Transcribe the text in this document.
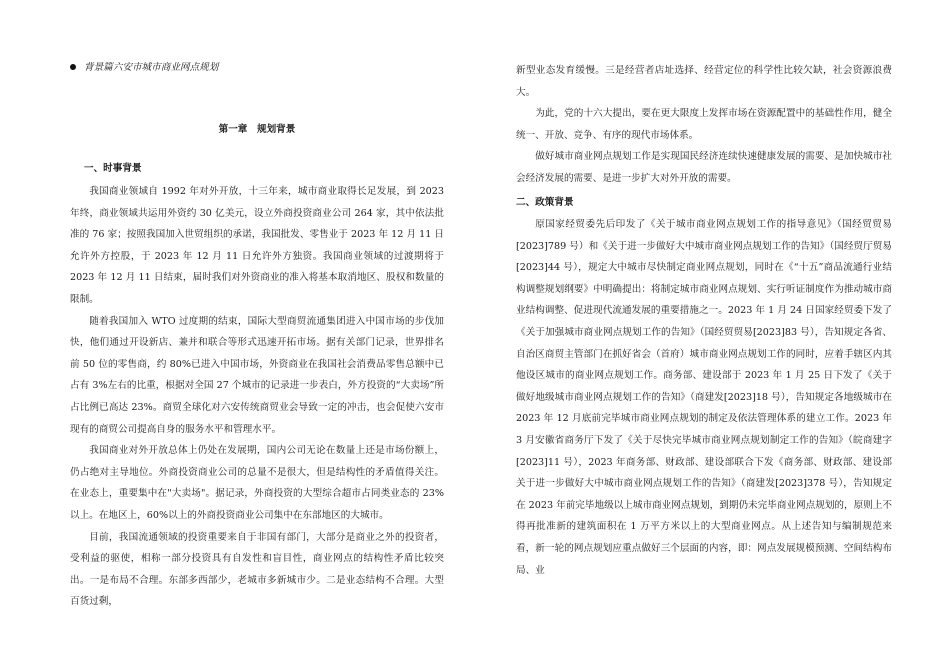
背景篇六安市城市商业网点规划
第一章　规划背景
一、时事背景

我国商业领域自 1992 年对外开放，十三年来，城市商业取得长足发展，到 2023 年终，商业领域共运用外资约 30 亿美元，设立外商投资商业公司 264 家，其中依法批准的 76 家；按照我国加入世贸组织的承诺，我国批发、零售业于 2023 年 12 月 11 日允许外方控股，于 2023 年 12 月 11 日允许外方独资。我国商业领域的过渡期将于 2023 年 12 月 11 日结束，届时我们对外资商业的准入将基本取消地区、股权和数量的限制。

随着我国加入 WTO 过度期的结束，国际大型商贸流通集团进入中国市场的步伐加快，他们通过开设新店、兼并和联合等形式迅速开拓市场。据有关部门记录，世界排名前 50 位的零售商，约 80%已进入中国市场，外资商业在我国社会消费品零售总额中已占有 3%左右的比重，根据对全国 27 个城市的记录进一步表白，外方投资的“大卖场”所占比例已高达 23%。商贸全球化对六安传统商贸业会导致一定的冲击，也会促使六安市现有的商贸公司提高自身的服务水平和管理水平。

我国商业对外开放总体上仍处在发展期，国内公司无论在数量上还是市场份额上，仍占绝对主导地位。外商投资商业公司的总量不是很大，但是结构性的矛盾值得关注。在业态上，重要集中在"大卖场"。据记录，外商投资的大型综合超市占同类业态的 23%以上。在地区上，60%以上的外商投资商业公司集中在东部地区的大城市。

目前，我国流通领域的投资重要来自于非国有部门，大部分是商业之外的投资者，受利益的驱使，相称一部分投资具有自发性和盲目性，商业网点的结构性矛盾比较突出。一是布局不合理。东部多西部少，老城市多新城市少。二是业态结构不合理。大型百货过剩，

新型业态发育缓慢。三是经营者店址选择、经营定位的科学性比较欠缺，社会资源浪费大。

为此，党的十六大提出，要在更大限度上发挥市场在资源配置中的基础性作用，健全统一、开放、竞争、有序的现代市场体系。

做好城市商业网点规划工作是实现国民经济连续快速健康发展的需要、是加快城市社会经济发展的需要、是进一步扩大对外开放的需要。

二、政策背景

原国家经贸委先后印发了《关于城市商业网点规划工作的指导意见》（国经贸贸易[2023]789 号）和《关于进一步做好大中城市商业网点规划工作的告知》（国经贸厅贸易[2023]44 号），规定大中城市尽快制定商业网点规划，同时在《“十五”商品流通行业结构调整规划纲要》中明确提出：将制定城市商业网点规划、实行听证制度作为推动城市商业结构调整、促进现代流通发展的重要措施之一。2023 年 1 月 24 日国家经贸委下发了《关于加强城市商业网点规划工作的告知》（国经贸贸易[2023]83 号），告知规定各省、自治区商贸主管部门在抓好省会（首府）城市商业网点规划工作的同时，应着手辖区内其他设区城市的商业网点规划工作。商务部、建设部于 2023 年 1 月 25 日下发了《关于做好地级城市商业网点规划工作的告知》（商建发[2023]18 号），告知规定各地级城市在 2023 年 12 月底前完毕城市商业网点规划的制定及依法管理体系的建立工作。2023 年 3 月安徽省商务厅下发了《关于尽快完毕城市商业网点规划制定工作的告知》（皖商建字[2023]11 号），2023 年商务部、财政部、建设部联合下发《商务部、财政部、建设部关于进一步做好大中城市商业网点规划工作的告知》（商建发[2023]378 号），告知规定在 2023 年前完毕地级以上城市商业网点规划，到期仍未完毕商业网点规划的，原则上不得再批准新的建筑面积在 1 万平方米以上的大型商业网点。从上述告知与编制规范来看，新一轮的网点规划应重点做好三个层面的内容，即：网点发展规模预测、空间结构布局、业
